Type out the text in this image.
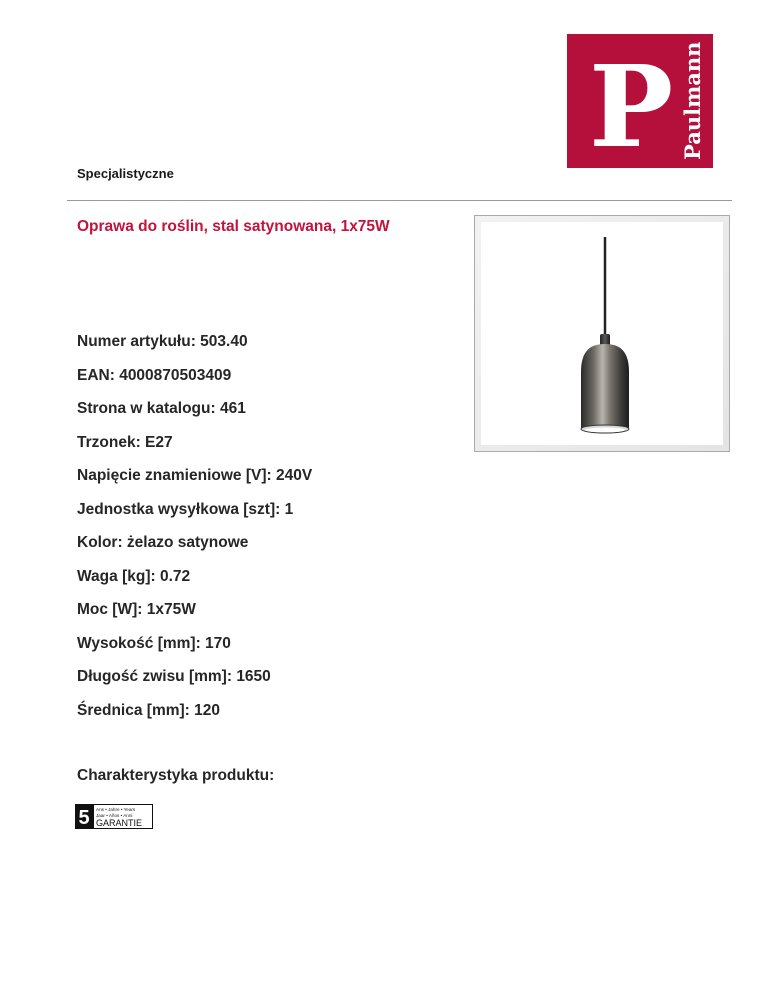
P Paulmann
Specjalistyczne
Oprawa do roślin, stal satynowana, 1x75W
Numer artykułu: 503.40
EAN: 4000870503409
Strona w katalogu: 461
Trzonek: E27
Napięcie znamieniowe [V]: 240V
Jednostka wysyłkowa [szt]: 1
Kolor: żelazo satynowe
Waga [kg]: 0.72
Moc [W]: 1x75W
Wysokość [mm]: 170
Długość zwisu [mm]: 1650
Średnica [mm]: 120
Charakterystyka produktu:
5 Ans • Jahre • Years
Jaar • Años • Anni
GARANTIE
